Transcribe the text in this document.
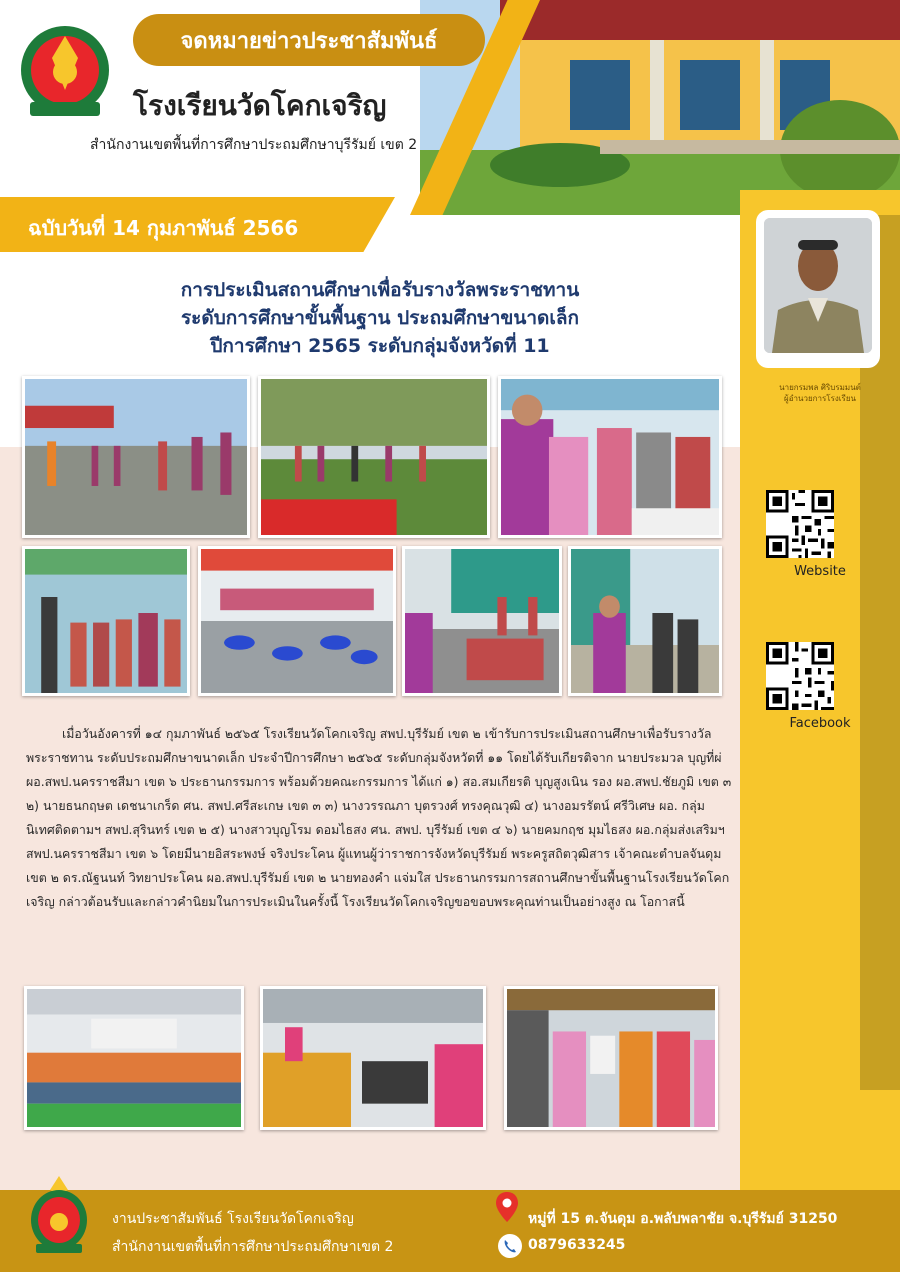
จดหมายข่าวประชาสัมพันธ์
โรงเรียนวัดโคกเจริญ
สำนักงานเขตพื้นที่การศึกษาประถมศึกษาบุรีรัมย์ เขต 2
ฉบับวันที่ 14 กุมภาพันธ์ 2566
นายกรมพล ศิริบรมมนต์
ผู้อำนวยการโรงเรียน
Website
Facebook
การประเมินสถานศึกษาเพื่อรับรางวัลพระราชทาน
ระดับการศึกษาขั้นพื้นฐาน ประถมศึกษาขนาดเล็ก
ปีการศึกษา 2565 ระดับกลุ่มจังหวัดที่ 11
เมื่อวันอังคารที่ ๑๔ กุมภาพันธ์ ๒๕๖๕ โรงเรียนวัดโคกเจริญ สพป.บุรีรัมย์ เขต ๒ เข้ารับการประเมินสถานศึกษาเพื่อรับรางวัลพระราชทาน ระดับประถมศึกษาขนาดเล็ก ประจำปีการศึกษา ๒๕๖๕ ระดับกลุ่มจังหวัดที่ ๑๑ โดยได้รับเกียรติจาก นายประมวล บุญที่ผ่ ผอ.สพป.นครราชสีมา เขต ๖ ประธานกรรมการ พร้อมด้วยคณะกรรมการ ได้แก่ ๑) สอ.สมเกียรติ บุญสูงเนิน รอง ผอ.สพป.ชัยภูมิ เขต ๓ ๒) นายธนกฤษต เดชนาเกร็ด ศน. สพป.ศรีสะเกษ เขต ๓ ๓) นางวรรณภา บุตรวงศ์ ทรงคุณวุฒิ ๔) นางอมรรัตน์ ศรีวิเศษ ผอ. กลุ่มนิเทศติดตามฯ สพป.สุรินทร์ เขต ๒ ๕) นางสาวบุญโรม ดอมไธสง ศน. สพป. บุรีรัมย์ เขต ๔ ๖) นายคมกฤช มุมไธสง ผอ.กลุ่มส่งเสริมฯ สพป.นครราชสีมา เขต ๖ โดยมีนายอิสระพงษ์ จริงประโคน ผู้แทนผู้ว่าราชการจังหวัดบุรีรัมย์ พระครูสถิตวุฒิสาร เจ้าคณะตำบลจันดุม เขต ๒ ดร.ณัฐนนท์ วิทยาประโคน ผอ.สพป.บุรีรัมย์ เขต ๒ นายทองคำ แจ่มใส ประธานกรรมการสถานศึกษาขั้นพื้นฐานโรงเรียนวัดโคกเจริญ กล่าวต้อนรับและกล่าวคำนิยมในการประเมินในครั้งนี้ โรงเรียนวัดโคกเจริญขอขอบพระคุณท่านเป็นอย่างสูง ณ โอกาสนี้
งานประชาสัมพันธ์ โรงเรียนวัดโคกเจริญ
สำนักงานเขตพื้นที่การศึกษาประถมศึกษาเขต 2
หมู่ที่ 15 ต.จันดุม อ.พลับพลาชัย จ.บุรีรัมย์ 31250
0879633245
